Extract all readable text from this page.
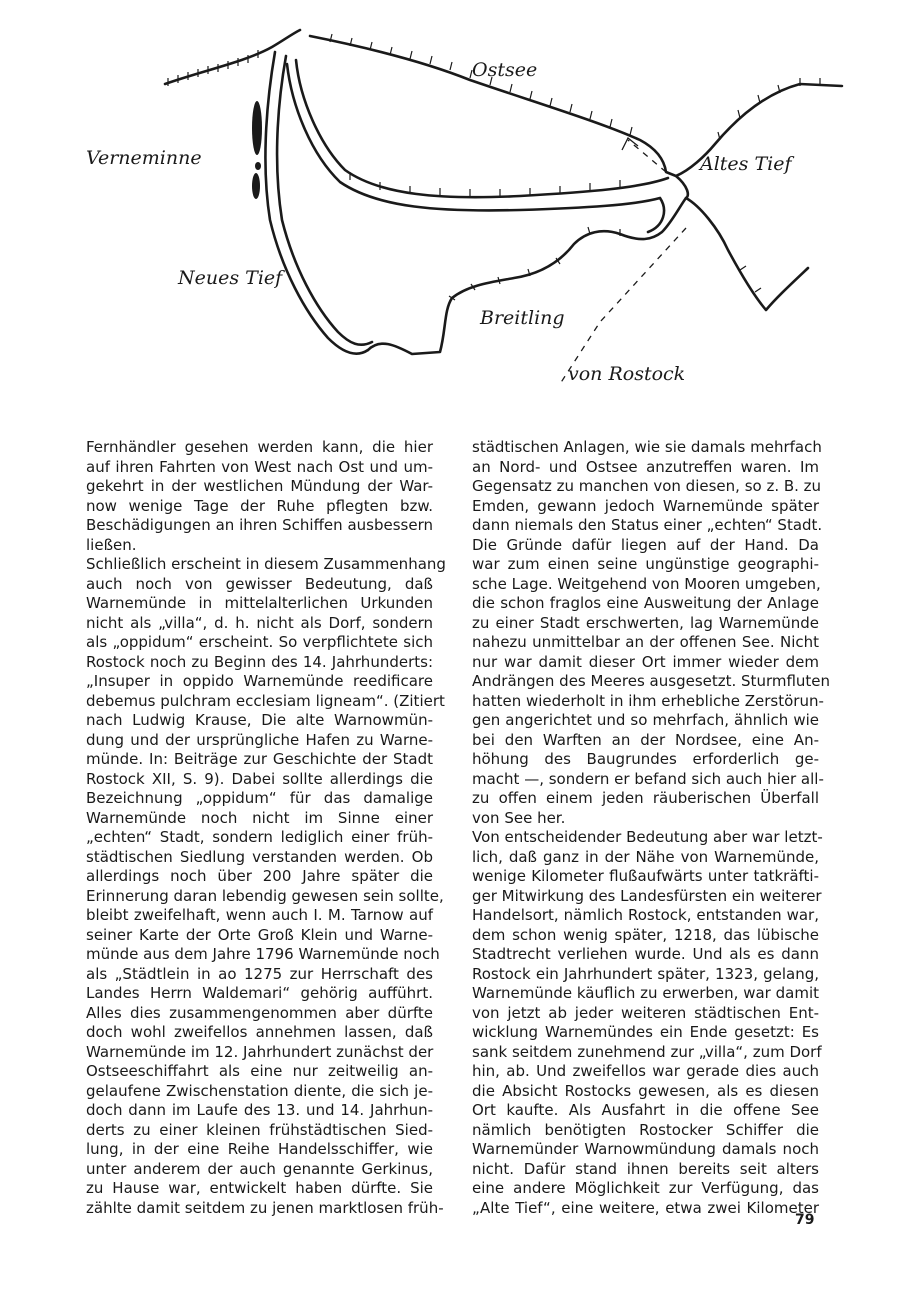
Ostsee
Verneminne	Altes Tief
Neues Tief
Breitling
von Rostock

Fernhändler gesehen werden kann, die hier

auf ihren Fahrten von West nach Ost und um-

gekehrt in der westlichen Mündung der War-

now wenige Tage der Ruhe pflegten bzw.

Beschädigungen an ihren Schiffen ausbessern

ließen.

Schließlich erscheint in diesem Zusammenhang

auch noch von gewisser Bedeutung, daß

Warnemünde in mittelalterlichen Urkunden

nicht als „villa“, d. h. nicht als Dorf, sondern

als „oppidum“ erscheint. So verpflichtete sich

Rostock noch zu Beginn des 14. Jahrhunderts:

„Insuper in oppido Warnemünde reedificare

debemus pulchram ecclesiam ligneam“. (Zitiert

nach Ludwig Krause, Die alte Warnowmün-

dung und der ursprüngliche Hafen zu Warne-

münde. In: Beiträge zur Geschichte der Stadt

Rostock XII, S. 9). Dabei sollte allerdings die

Bezeichnung „oppidum“ für das damalige

Warnemünde noch nicht im Sinne einer

„echten“ Stadt, sondern lediglich einer früh-

städtischen Siedlung verstanden werden. Ob

allerdings noch über 200 Jahre später die

Erinnerung daran lebendig gewesen sein sollte,

bleibt zweifelhaft, wenn auch I. M. Tarnow auf

seiner Karte der Orte Groß Klein und Warne-

münde aus dem Jahre 1796 Warnemünde noch

als „Städtlein in ao 1275 zur Herrschaft des

Landes Herrn Waldemari“ gehörig aufführt.

Alles dies zusammengenommen aber dürfte

doch wohl zweifellos annehmen lassen, daß

Warnemünde im 12. Jahrhundert zunächst der

Ostseeschiffahrt als eine nur zeitweilig an-

gelaufene Zwischenstation diente, die sich je-

doch dann im Laufe des 13. und 14. Jahrhun-

derts zu einer kleinen frühstädtischen Sied-

lung, in der eine Reihe Handelsschiffer, wie

unter anderem der auch genannte Gerkinus,

zu Hause war, entwickelt haben dürfte. Sie

zählte damit seitdem zu jenen marktlosen früh-

städtischen Anlagen, wie sie damals mehrfach

an Nord- und Ostsee anzutreffen waren. Im

Gegensatz zu manchen von diesen, so z. B. zu

Emden, gewann jedoch Warnemünde später

dann niemals den Status einer „echten“ Stadt.

Die Gründe dafür liegen auf der Hand. Da

war zum einen seine ungünstige geographi-

sche Lage. Weitgehend von Mooren umgeben,

die schon fraglos eine Ausweitung der Anlage

zu einer Stadt erschwerten, lag Warnemünde

nahezu unmittelbar an der offenen See. Nicht

nur war damit dieser Ort immer wieder dem

Andrängen des Meeres ausgesetzt. Sturmfluten

hatten wiederholt in ihm erhebliche Zerstörun-

gen angerichtet und so mehrfach, ähnlich wie

bei den Warften an der Nordsee, eine An-

höhung des Baugrundes erforderlich ge-

macht —, sondern er befand sich auch hier all-

zu offen einem jeden räuberischen Überfall

von See her.

Von entscheidender Bedeutung aber war letzt-

lich, daß ganz in der Nähe von Warnemünde,

wenige Kilometer flußaufwärts unter tatkräfti-

ger Mitwirkung des Landesfürsten ein weiterer

Handelsort, nämlich Rostock, entstanden war,

dem schon wenig später, 1218, das lübische

Stadtrecht verliehen wurde. Und als es dann

Rostock ein Jahrhundert später, 1323, gelang,

Warnemünde käuflich zu erwerben, war damit

von jetzt ab jeder weiteren städtischen Ent-

wicklung Warnemündes ein Ende gesetzt: Es

sank seitdem zunehmend zur „villa“, zum Dorf

hin, ab. Und zweifellos war gerade dies auch

die Absicht Rostocks gewesen, als es diesen

Ort kaufte. Als Ausfahrt in die offene See

nämlich benötigten Rostocker Schiffer die

Warnemünder Warnowmündung damals noch

nicht. Dafür stand ihnen bereits seit alters

eine andere Möglichkeit zur Verfügung, das

„Alte Tief“, eine weitere, etwa zwei Kilometer

79
